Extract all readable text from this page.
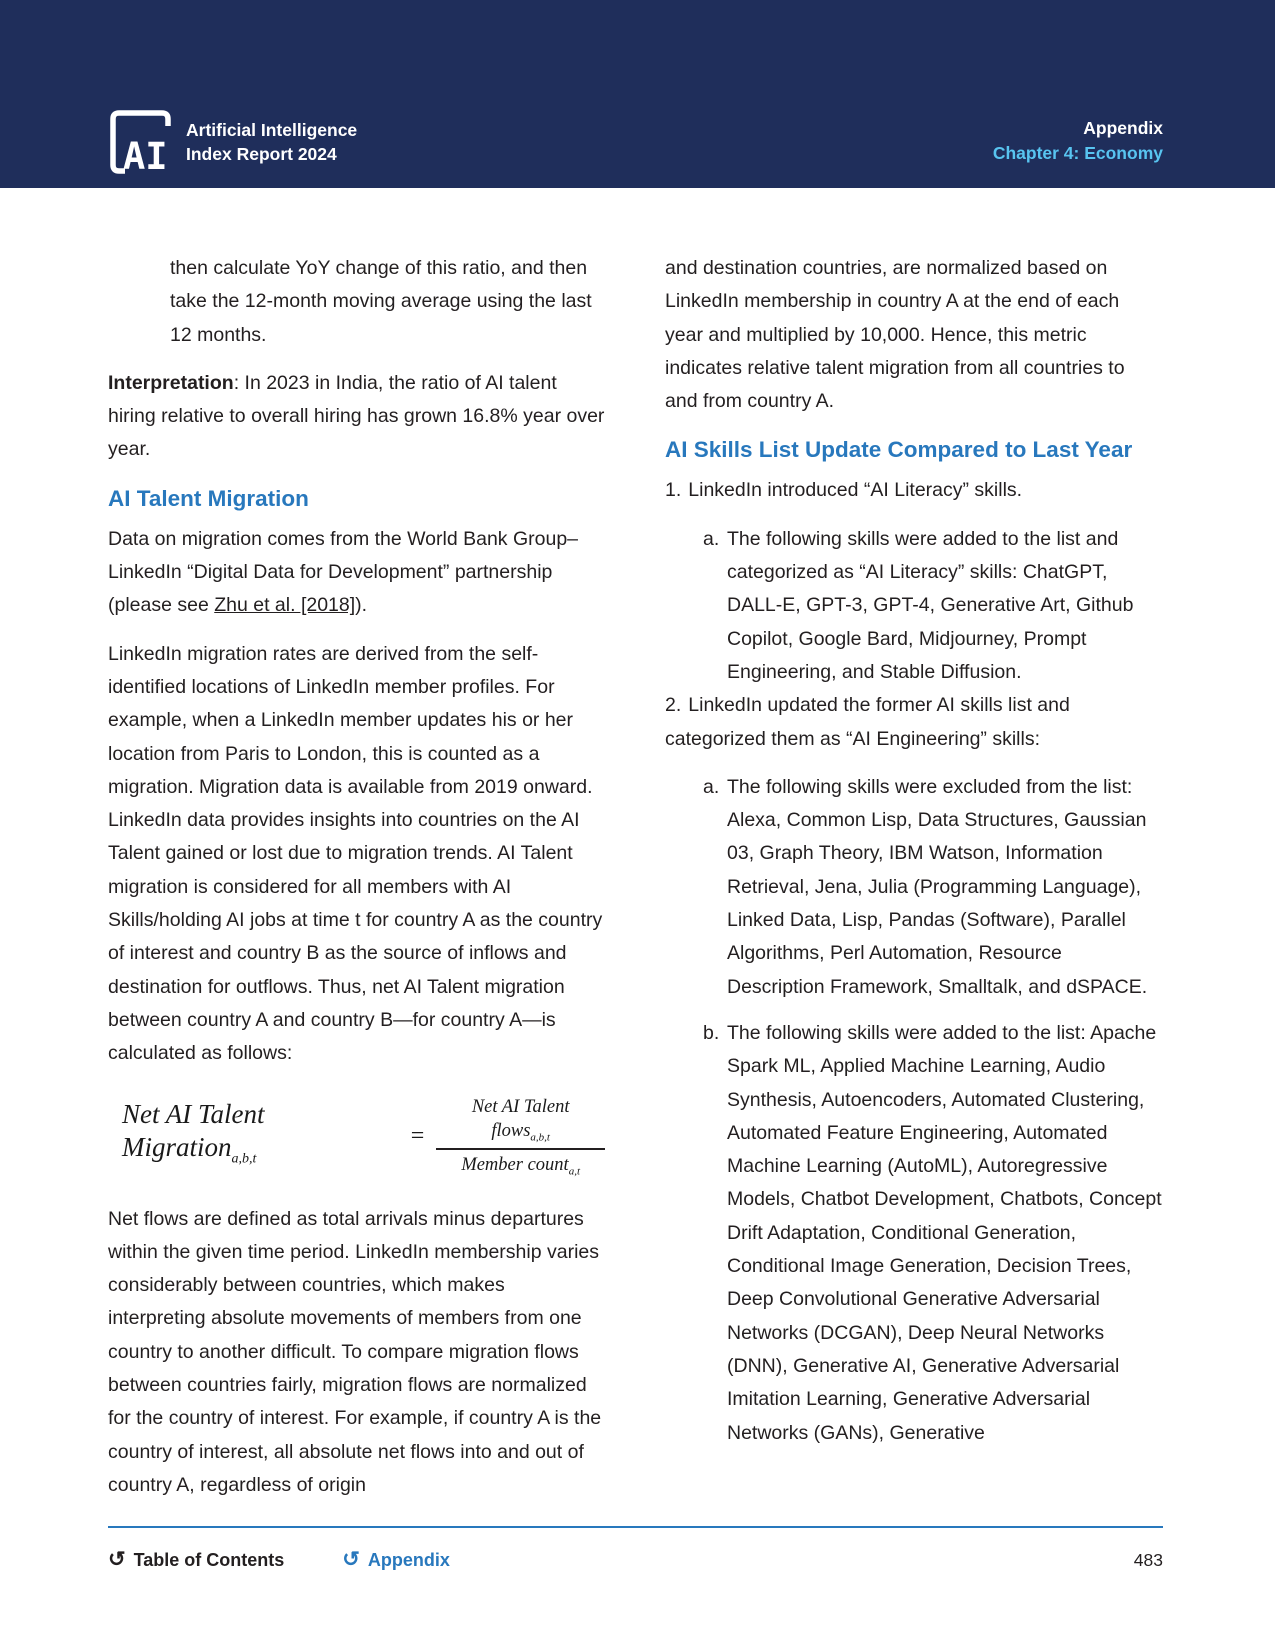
AI
Artificial Intelligence
Index Report 2024
Appendix
Chapter 4: Economy

then calculate YoY change of this ratio, and then take the 12-month moving average using the last 12 months.

Interpretation: In 2023 in India, the ratio of AI talent hiring relative to overall hiring has grown 16.8% year over year.

AI Talent Migration

Data on migration comes from the World Bank Group–LinkedIn “Digital Data for Development” partnership (please see Zhu et al. [2018]).

LinkedIn migration rates are derived from the self-identified locations of LinkedIn member profiles. For example, when a LinkedIn member updates his or her location from Paris to London, this is counted as a migration. Migration data is available from 2019 onward. LinkedIn data provides insights into countries on the AI Talent gained or lost due to migration trends. AI Talent migration is considered for all members with AI Skills/holding AI jobs at time t for country A as the country of interest and country B as the source of inflows and destination for outflows. Thus, net AI Talent migration between country A and country B—for country A—is calculated as follows:

Net AI Talent Migration$_{a,b,t}$
= $\frac{Net AI Talent flows_{a,b,t}}{Member count_{a,t}}$

Net flows are defined as total arrivals minus departures within the given time period. LinkedIn membership varies considerably between countries, which makes interpreting absolute movements of members from one country to another difficult. To compare migration flows between countries fairly, migration flows are normalized for the country of interest. For example, if country A is the country of interest, all absolute net flows into and out of country A, regardless of origin

and destination countries, are normalized based on LinkedIn membership in country A at the end of each year and multiplied by 10,000. Hence, this metric indicates relative talent migration from all countries to and from country A.

AI Skills List Update Compared to Last Year

1. LinkedIn introduced “AI Literacy” skills.

a. The following skills were added to the list and categorized as “AI Literacy” skills: ChatGPT, DALL-E, GPT-3, GPT-4, Generative Art, Github Copilot, Google Bard, Midjourney, Prompt Engineering, and Stable Diffusion.

2. LinkedIn updated the former AI skills list and categorized them as “AI Engineering” skills:

a. The following skills were excluded from the list: Alexa, Common Lisp, Data Structures, Gaussian 03, Graph Theory, IBM Watson, Information Retrieval, Jena, Julia (Programming Language), Linked Data, Lisp, Pandas (Software), Parallel Algorithms, Perl Automation, Resource Description Framework, Smalltalk, and dSPACE.
b. The following skills were added to the list: Apache Spark ML, Applied Machine Learning, Audio Synthesis, Autoencoders, Automated Clustering, Automated Feature Engineering, Automated Machine Learning (AutoML), Autoregressive Models, Chatbot Development, Chatbots, Concept Drift Adaptation, Conditional Generation, Conditional Image Generation, Decision Trees, Deep Convolutional Generative Adversarial Networks (DCGAN), Deep Neural Networks (DNN), Generative AI, Generative Adversarial Imitation Learning, Generative Adversarial Networks (GANs), Generative
↺ Table of Contents	↺ Appendix	483
